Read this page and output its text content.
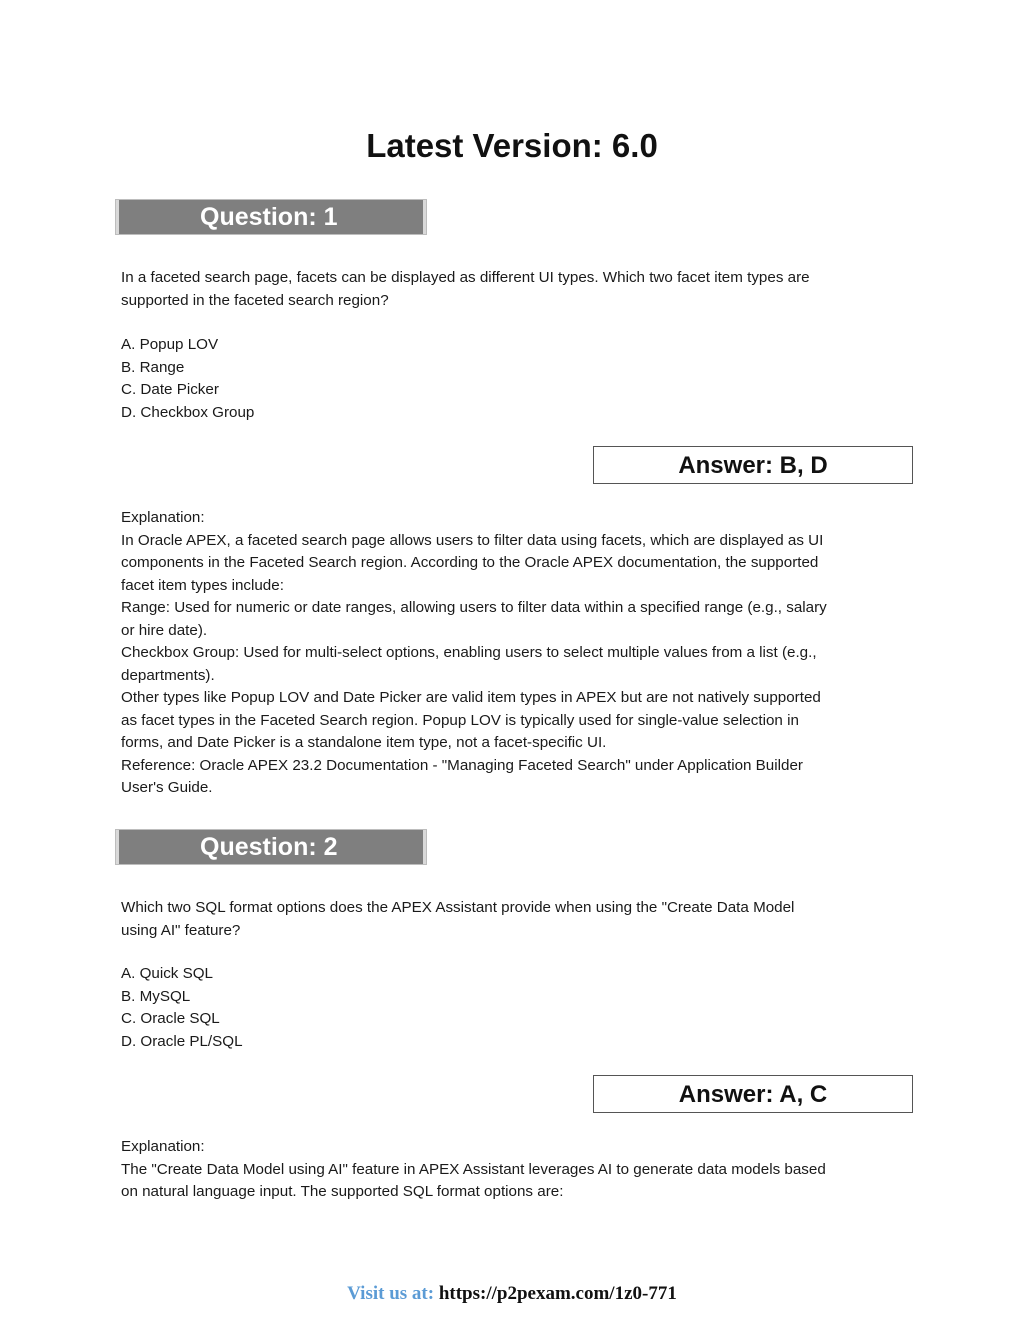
Latest Version: 6.0
Question: 1

In a faceted search page, facets can be displayed as different UI types. Which two facet item types are

supported in the faceted search region?

A. Popup LOV

B. Range

C. Date Picker

D. Checkbox Group

Answer: B, D

Explanation:

In Oracle APEX, a faceted search page allows users to filter data using facets, which are displayed as UI

components in the Faceted Search region. According to the Oracle APEX documentation, the supported

facet item types include:

Range: Used for numeric or date ranges, allowing users to filter data within a specified range (e.g., salary

or hire date).

Checkbox Group: Used for multi-select options, enabling users to select multiple values from a list (e.g.,

departments).

Other types like Popup LOV and Date Picker are valid item types in APEX but are not natively supported

as facet types in the Faceted Search region. Popup LOV is typically used for single-value selection in

forms, and Date Picker is a standalone item type, not a facet-specific UI.

Reference: Oracle APEX 23.2 Documentation - "Managing Faceted Search" under Application Builder

User's Guide.

Question: 2

Which two SQL format options does the APEX Assistant provide when using the "Create Data Model

using AI" feature?

A. Quick SQL

B. MySQL

C. Oracle SQL

D. Oracle PL/SQL

Answer: A, C

Explanation:

The "Create Data Model using AI" feature in APEX Assistant leverages AI to generate data models based

on natural language input. The supported SQL format options are:

Visit us at: https://p2pexam.com/1z0-771
